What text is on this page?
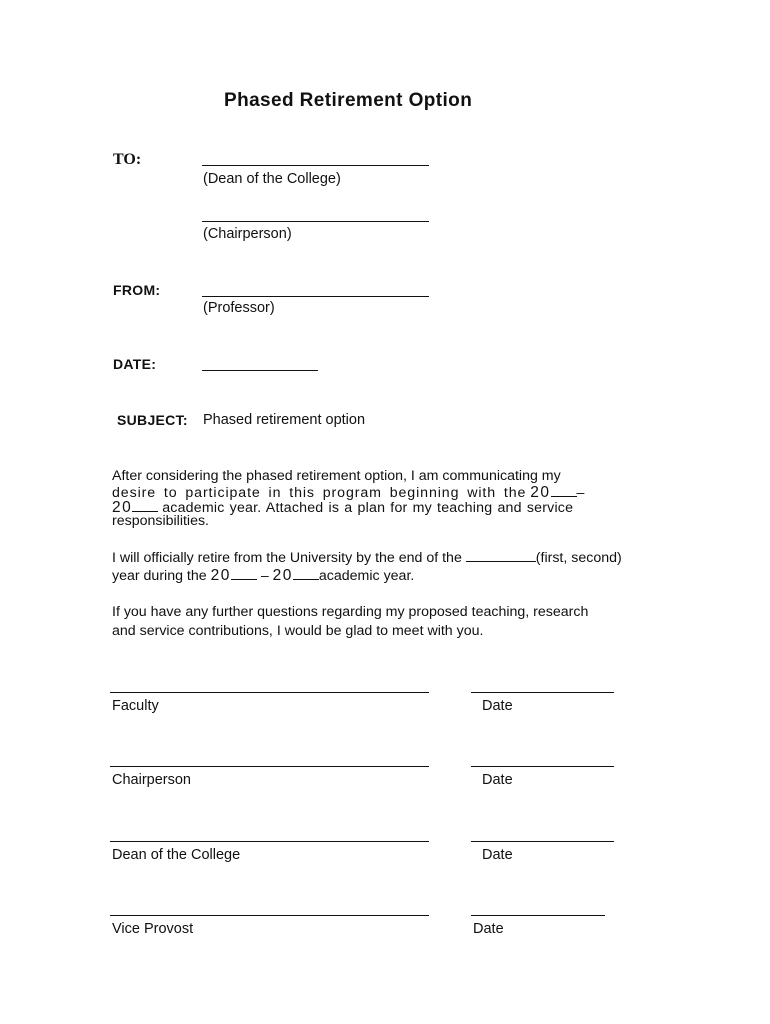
Phased Retirement Option
TO:
(Dean of the College)
(Chairperson)
FROM:
(Professor)
DATE:
SUBJECT: Phased retirement option
After considering the phased retirement option, I am communicating my
desire to participate in this program beginning with the 20 –
20 academic year. Attached is a plan for my teaching and service
responsibilities.
I will officially retire from the University by the end of the	(first, second)
year during the 20 – 20 academic year.
If you have any further questions regarding my proposed teaching, research
and service contributions, I would be glad to meet with you.
Faculty	Date
Chairperson	Date
Dean of the College	Date
Vice Provost	Date
